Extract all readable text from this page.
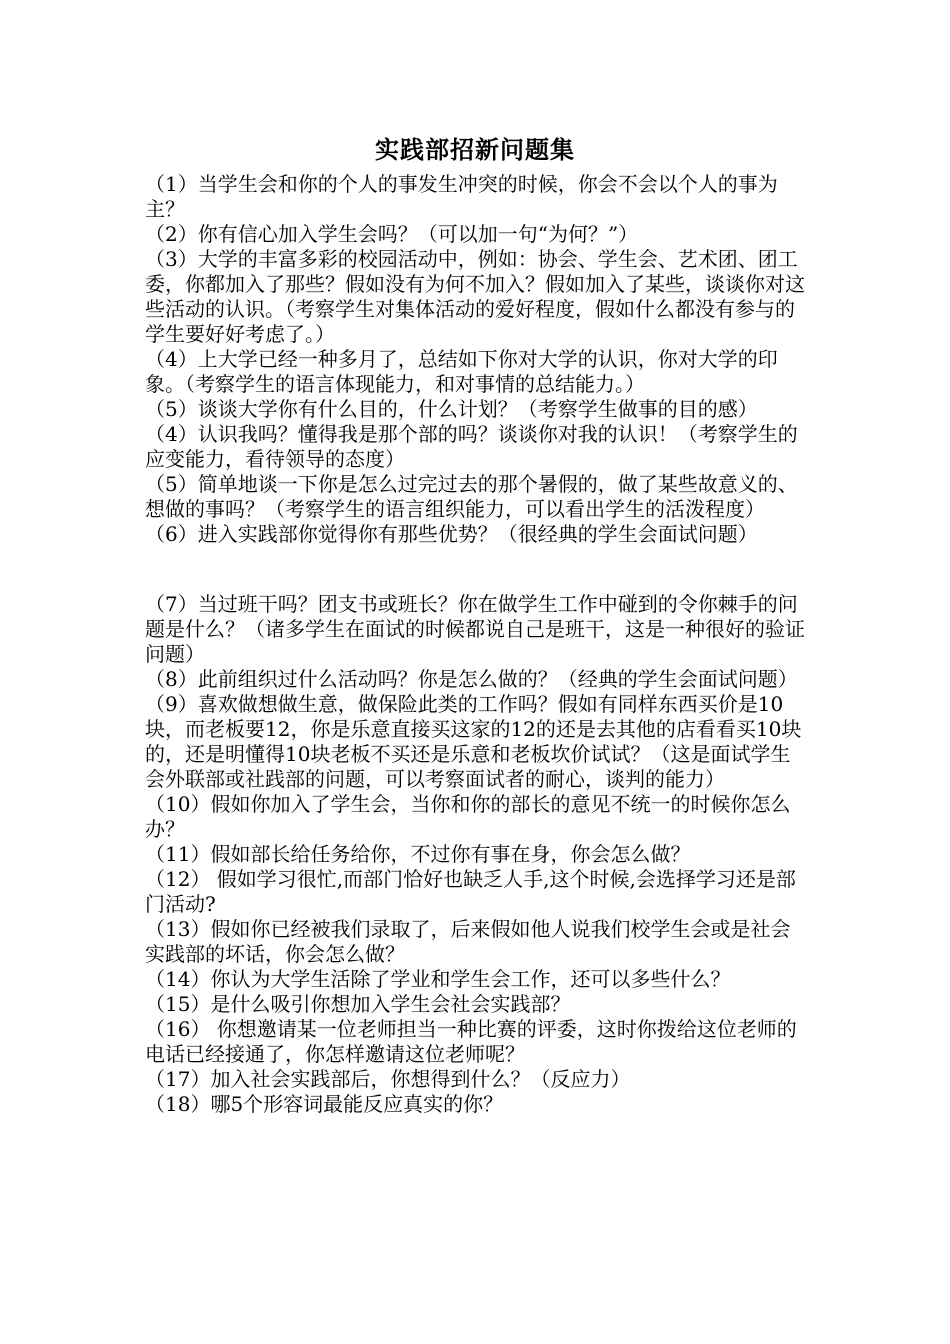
实践部招新问题集

（1）当学生会和你的个人的事发生冲突的时候，你会不会以个人的事为主？

（2）你有信心加入学生会吗？（可以加一句“为何？”）

（3）大学的丰富多彩的校园活动中，例如：协会、学生会、艺术团、团工委，你都加入了那些？假如没有为何不加入？假如加入了某些，谈谈你对这些活动的认识。（考察学生对集体活动的爱好程度，假如什么都没有参与的学生要好好考虑了。）

（4）上大学已经一种多月了，总结如下你对大学的认识，你对大学的印象。（考察学生的语言体现能力，和对事情的总结能力。）

（5）谈谈大学你有什么目的，什么计划？（考察学生做事的目的感）

（4）认识我吗？懂得我是那个部的吗？谈谈你对我的认识！（考察学生的应变能力，看待领导的态度）

（5）简单地谈一下你是怎么过完过去的那个暑假的，做了某些故意义的、想做的事吗？（考察学生的语言组织能力，可以看出学生的活泼程度）

（6）进入实践部你觉得你有那些优势？（很经典的学生会面试问题）

（7）当过班干吗？团支书或班长？你在做学生工作中碰到的令你棘手的问题是什么？（诸多学生在面试的时候都说自己是班干，这是一种很好的验证问题）

（8）此前组织过什么活动吗？你是怎么做的？（经典的学生会面试问题）

（9）喜欢做想做生意，做保险此类的工作吗？假如有同样东西买价是10块，而老板要12，你是乐意直接买这家的12的还是去其他的店看看买10块的，还是明懂得10块老板不买还是乐意和老板坎价试试？（这是面试学生会外联部或社践部的问题，可以考察面试者的耐心，谈判的能力）

（10）假如你加入了学生会，当你和你的部长的意见不统一的时候你怎么办？

（11）假如部长给任务给你，不过你有事在身，你会怎么做？

（12） 假如学习很忙,而部门恰好也缺乏人手,这个时候,会选择学习还是部门活动?

（13）假如你已经被我们录取了，后来假如他人说我们校学生会或是社会实践部的坏话，你会怎么做？

（14）你认为大学生活除了学业和学生会工作，还可以多些什么？

（15）是什么吸引你想加入学生会社会实践部？

（16） 你想邀请某一位老师担当一种比赛的评委，这时你拨给这位老师的电话已经接通了，你怎样邀请这位老师呢？

（17）加入社会实践部后，你想得到什么？（反应力）

（18）哪5个形容词最能反应真实的你？
